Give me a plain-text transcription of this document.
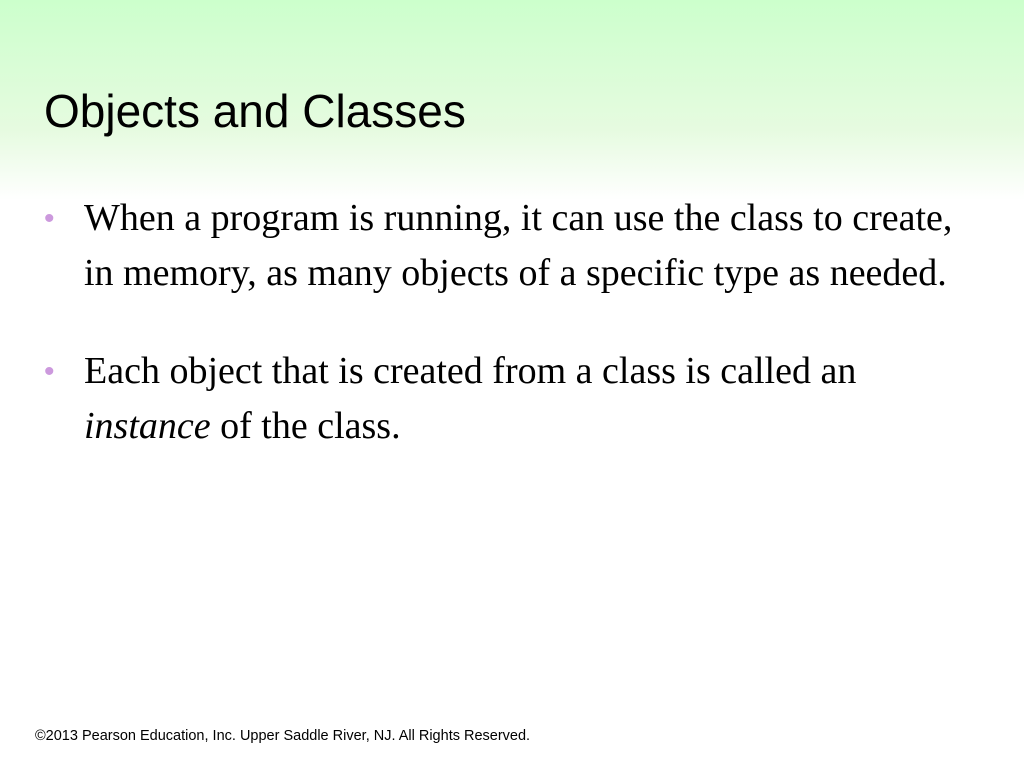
Objects and Classes
• When a program is running, it can use the class to create, in memory, as many objects of a specific type as needed.
• Each object that is created from a class is called an instance of the class.
©2013 Pearson Education, Inc. Upper Saddle River, NJ. All Rights Reserved.
